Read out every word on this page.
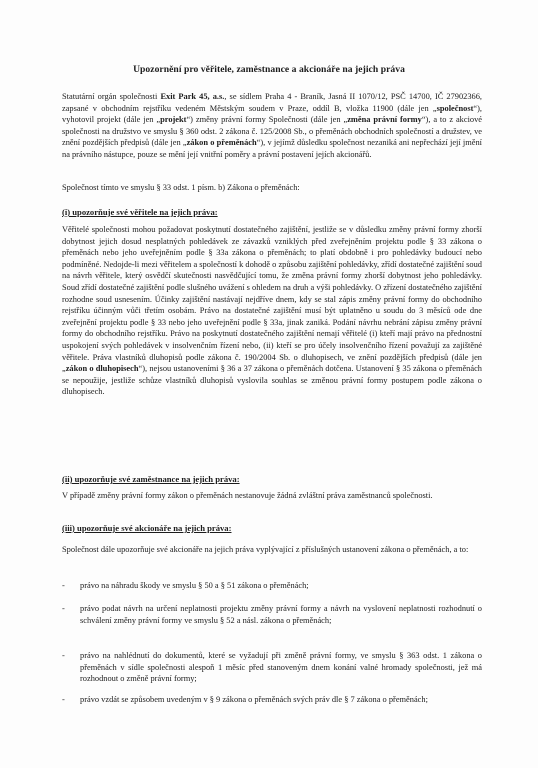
Upozornění pro věřitele, zaměstnance a akcionáře na jejich práva

Statutární orgán společnosti Exit Park 45, a.s., se sídlem Praha 4 - Braník, Jasná II 1070/12, PSČ 14700, IČ 27902366, zapsané v obchodním rejstříku vedeném Městským soudem v Praze, oddíl B, vložka 11900 (dále jen „společnost“), vyhotovil projekt (dále jen „projekt“) změny právní formy Společnosti (dále jen „změna právní formy“), a to z akciové společnosti na družstvo ve smyslu § 360 odst. 2 zákona č. 125/2008 Sb., o přeměnách obchodních společností a družstev, ve znění pozdějších předpisů (dále jen „zákon o přeměnách“), v jejímž důsledku společnost nezaniká ani nepřechází její jmění na právního nástupce, pouze se mění její vnitřní poměry a právní postavení jejích akcionářů.

Společnost tímto ve smyslu § 33 odst. 1 písm. b) Zákona o přeměnách:
(i) upozorňuje své věřitele na jejich práva:

Věřitelé společnosti mohou požadovat poskytnutí dostatečného zajištění, jestliže se v důsledku změny právní formy zhorší dobytnost jejich dosud nesplatných pohledávek ze závazků vzniklých před zveřejněním projektu podle § 33 zákona o přeměnách nebo jeho uveřejněním podle § 33a zákona o přeměnách; to platí obdobně i pro pohledávky budoucí nebo podmíněné. Nedojde-li mezi věřitelem a společností k dohodě o způsobu zajištění pohledávky, zřídí dostatečné zajištění soud na návrh věřitele, který osvědčí skutečnosti nasvědčující tomu, že změna právní formy zhorší dobytnost jeho pohledávky. Soud zřídí dostatečné zajištění podle slušného uvážení s ohledem na druh a výši pohledávky. O zřízení dostatečného zajištění rozhodne soud usnesením. Účinky zajištění nastávají nejdříve dnem, kdy se stal zápis změny právní formy do obchodního rejstříku účinným vůči třetím osobám. Právo na dostatečné zajištění musí být uplatněno u soudu do 3 měsíců ode dne zveřejnění projektu podle § 33 nebo jeho uveřejnění podle § 33a, jinak zaniká. Podání návrhu nebrání zápisu změny právní formy do obchodního rejstříku. Právo na poskytnutí dostatečného zajištění nemají věřitelé (i) kteří mají právo na přednostní uspokojení svých pohledávek v insolvenčním řízení nebo, (ii) kteří se pro účely insolvenčního řízení považují za zajištěné věřitele. Práva vlastníků dluhopisů podle zákona č. 190/2004 Sb. o dluhopisech, ve znění pozdějších předpisů (dále jen „zákon o dluhopisech“), nejsou ustanoveními § 36 a 37 zákona o přeměnách dotčena. Ustanovení § 35 zákona o přeměnách se nepoužije, jestliže schůze vlastníků dluhopisů vyslovila souhlas se změnou právní formy postupem podle zákona o dluhopisech.

(ii) upozorňuje své zaměstnance na jejich práva:
V případě změny právní formy zákon o přeměnách nestanovuje žádná zvláštní práva zaměstnanců společnosti.
(iii) upozorňuje své akcionáře na jejich práva:
Společnost dále upozorňuje své akcionáře na jejich práva vyplývající z příslušných ustanovení zákona o přeměnách, a to:
- právo na náhradu škody ve smyslu § 50 a § 51 zákona o přeměnách;
- právo podat návrh na určení neplatnosti projektu změny právní formy a návrh na vyslovení neplatnosti rozhodnutí o schválení změny právní formy ve smyslu § 52 a násl. zákona o přeměnách;
- právo na nahlédnutí do dokumentů, které se vyžadují při změně právní formy, ve smyslu § 363 odst. 1 zákona o přeměnách v sídle společnosti alespoň 1 měsíc před stanoveným dnem konání valné hromady společnosti, jež má rozhodnout o změně právní formy;
- právo vzdát se způsobem uvedeným v § 9 zákona o přeměnách svých práv dle § 7 zákona o přeměnách;
